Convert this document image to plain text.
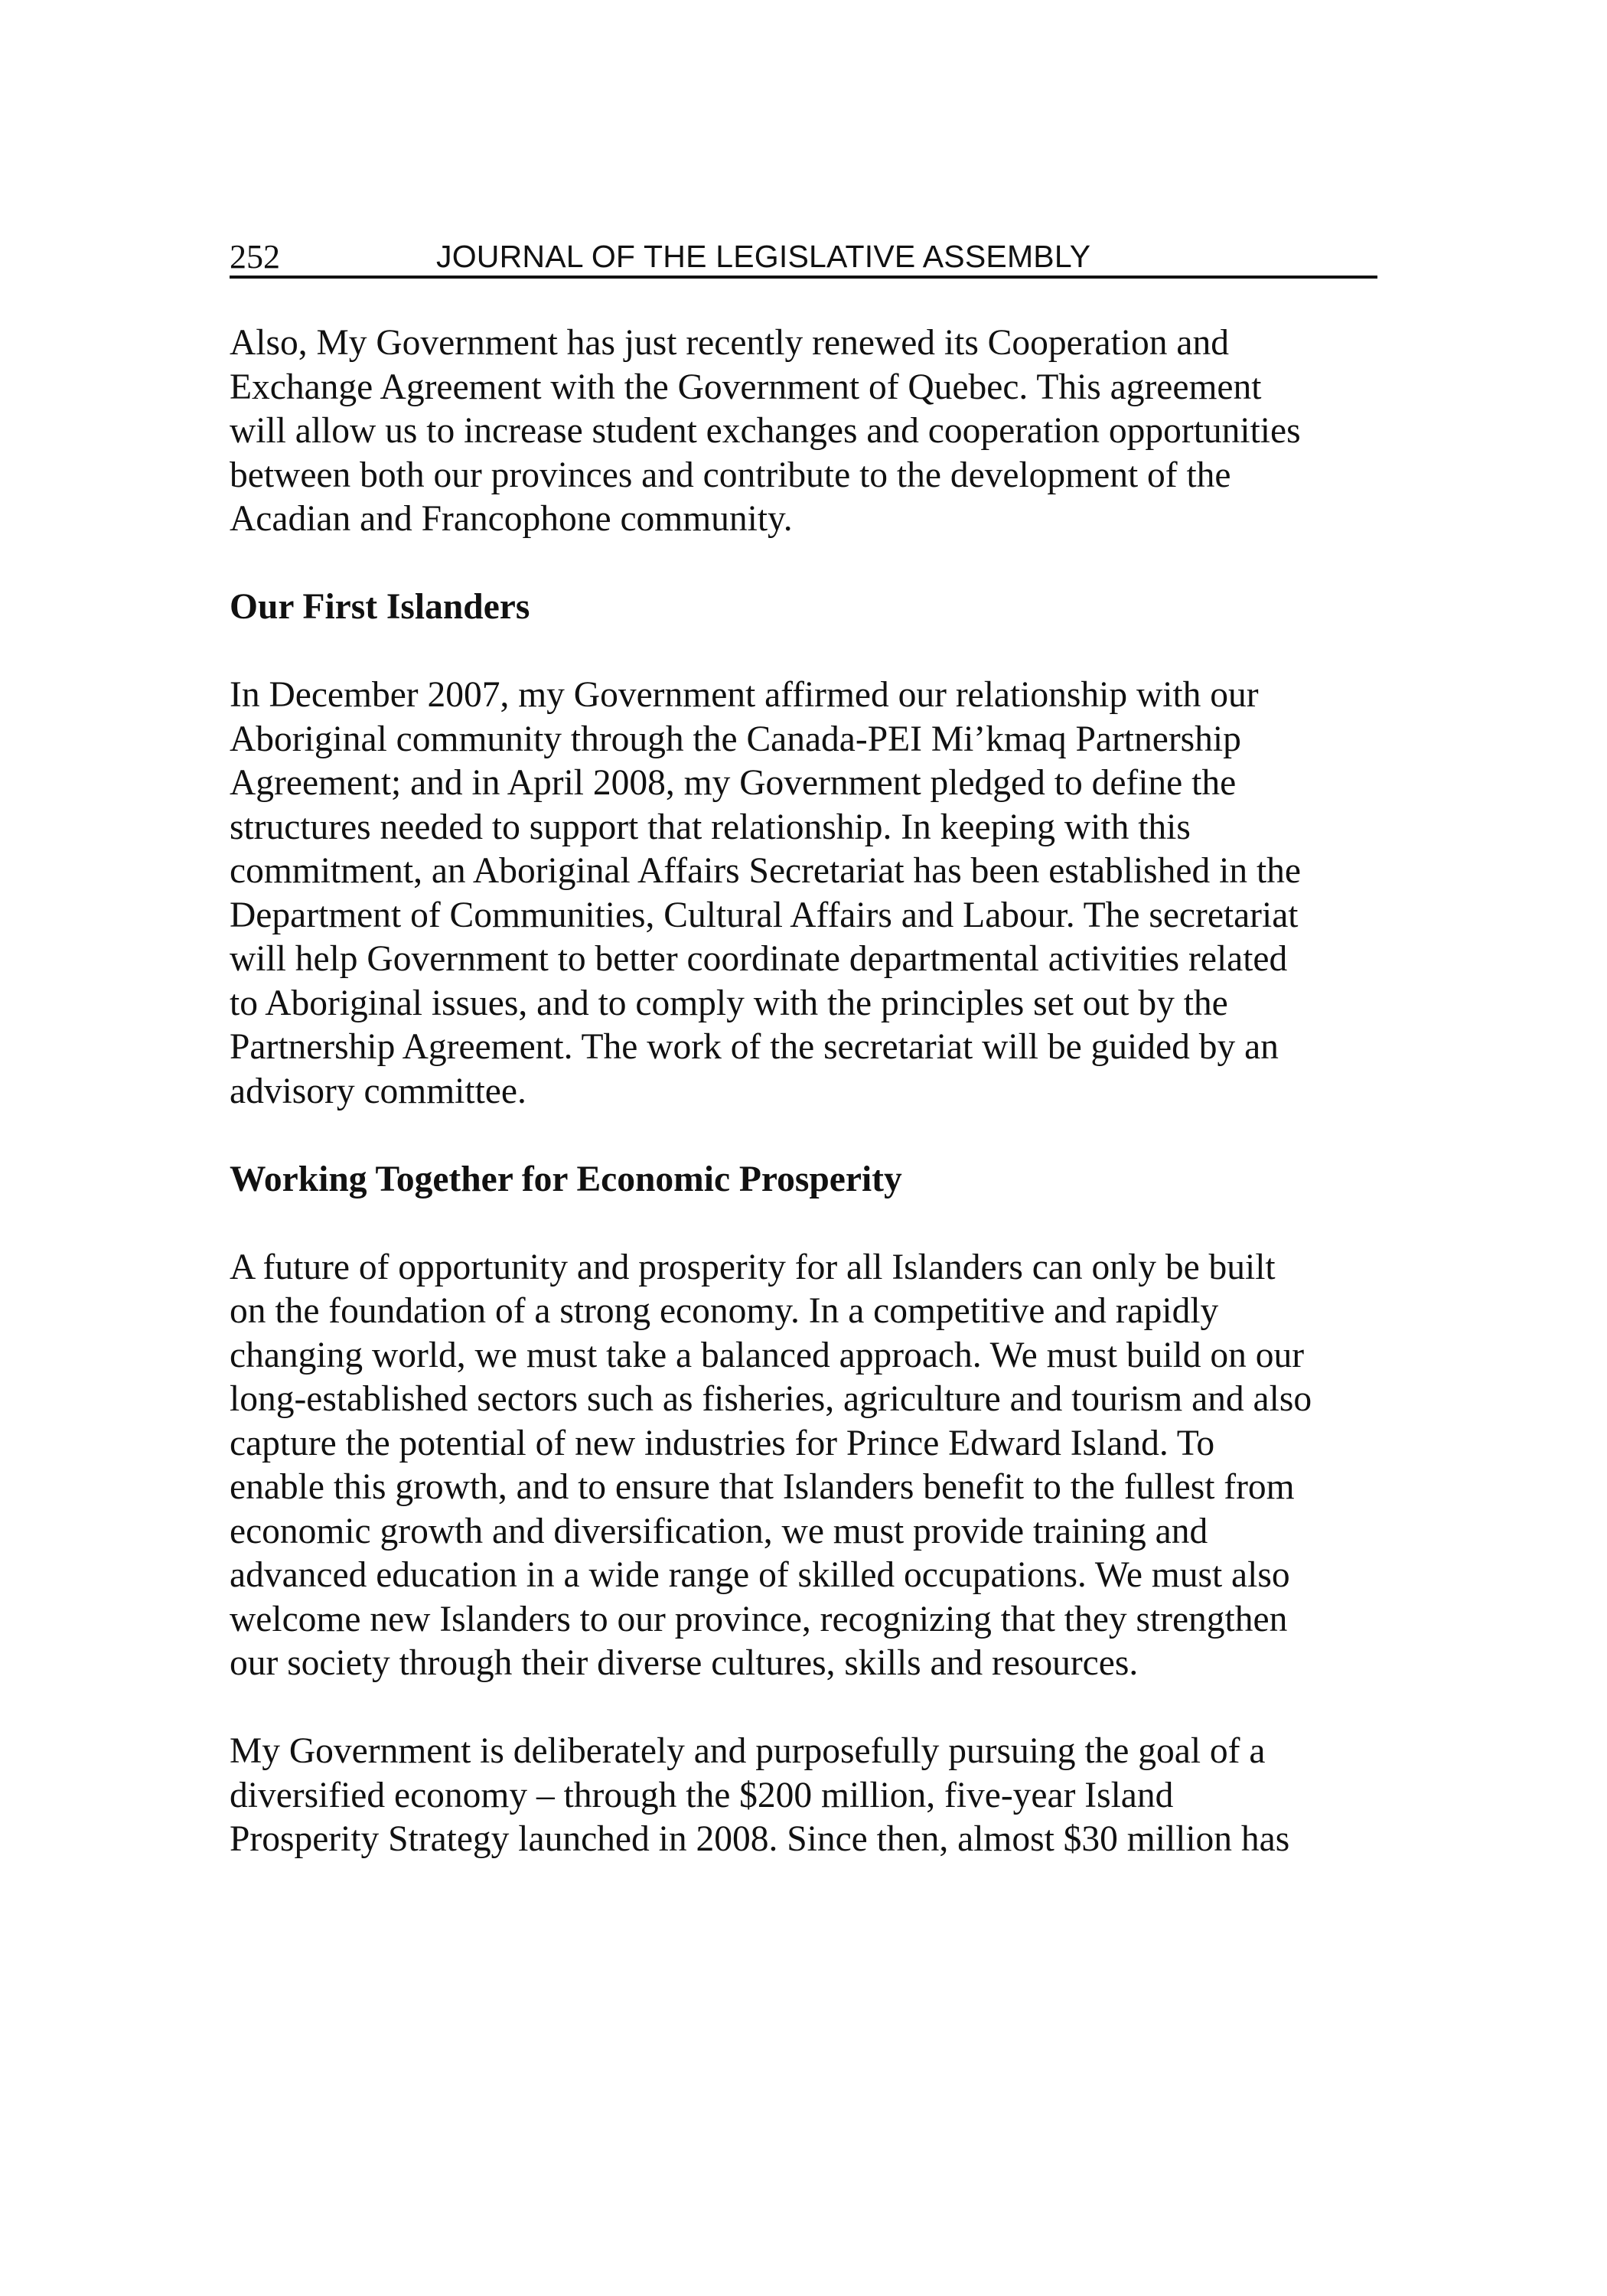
252	JOURNAL OF THE LEGISLATIVE ASSEMBLY

Also, My Government has just recently renewed its Cooperation and
Exchange Agreement with the Government of Quebec. This agreement
will allow us to increase student exchanges and cooperation opportunities
between both our provinces and contribute to the development of the
Acadian and Francophone community.

Our First Islanders

In December 2007, my Government affirmed our relationship with our
Aboriginal community through the Canada-PEI Mi’kmaq Partnership
Agreement; and in April 2008, my Government pledged to define the
structures needed to support that relationship. In keeping with this
commitment, an Aboriginal Affairs Secretariat has been established in the
Department of Communities, Cultural Affairs and Labour. The secretariat
will help Government to better coordinate departmental activities related
to Aboriginal issues, and to comply with the principles set out by the
Partnership Agreement. The work of the secretariat will be guided by an
advisory committee.

Working Together for Economic Prosperity

A future of opportunity and prosperity for all Islanders can only be built
on the foundation of a strong economy. In a competitive and rapidly
changing world, we must take a balanced approach. We must build on our
long-established sectors such as fisheries, agriculture and tourism and also
capture the potential of new industries for Prince Edward Island. To
enable this growth, and to ensure that Islanders benefit to the fullest from
economic growth and diversification, we must provide training and
advanced education in a wide range of skilled occupations. We must also
welcome new Islanders to our province, recognizing that they strengthen
our society through their diverse cultures, skills and resources.

My Government is deliberately and purposefully pursuing the goal of a
diversified economy – through the $200 million, five-year Island
Prosperity Strategy launched in 2008. Since then, almost $30 million has
